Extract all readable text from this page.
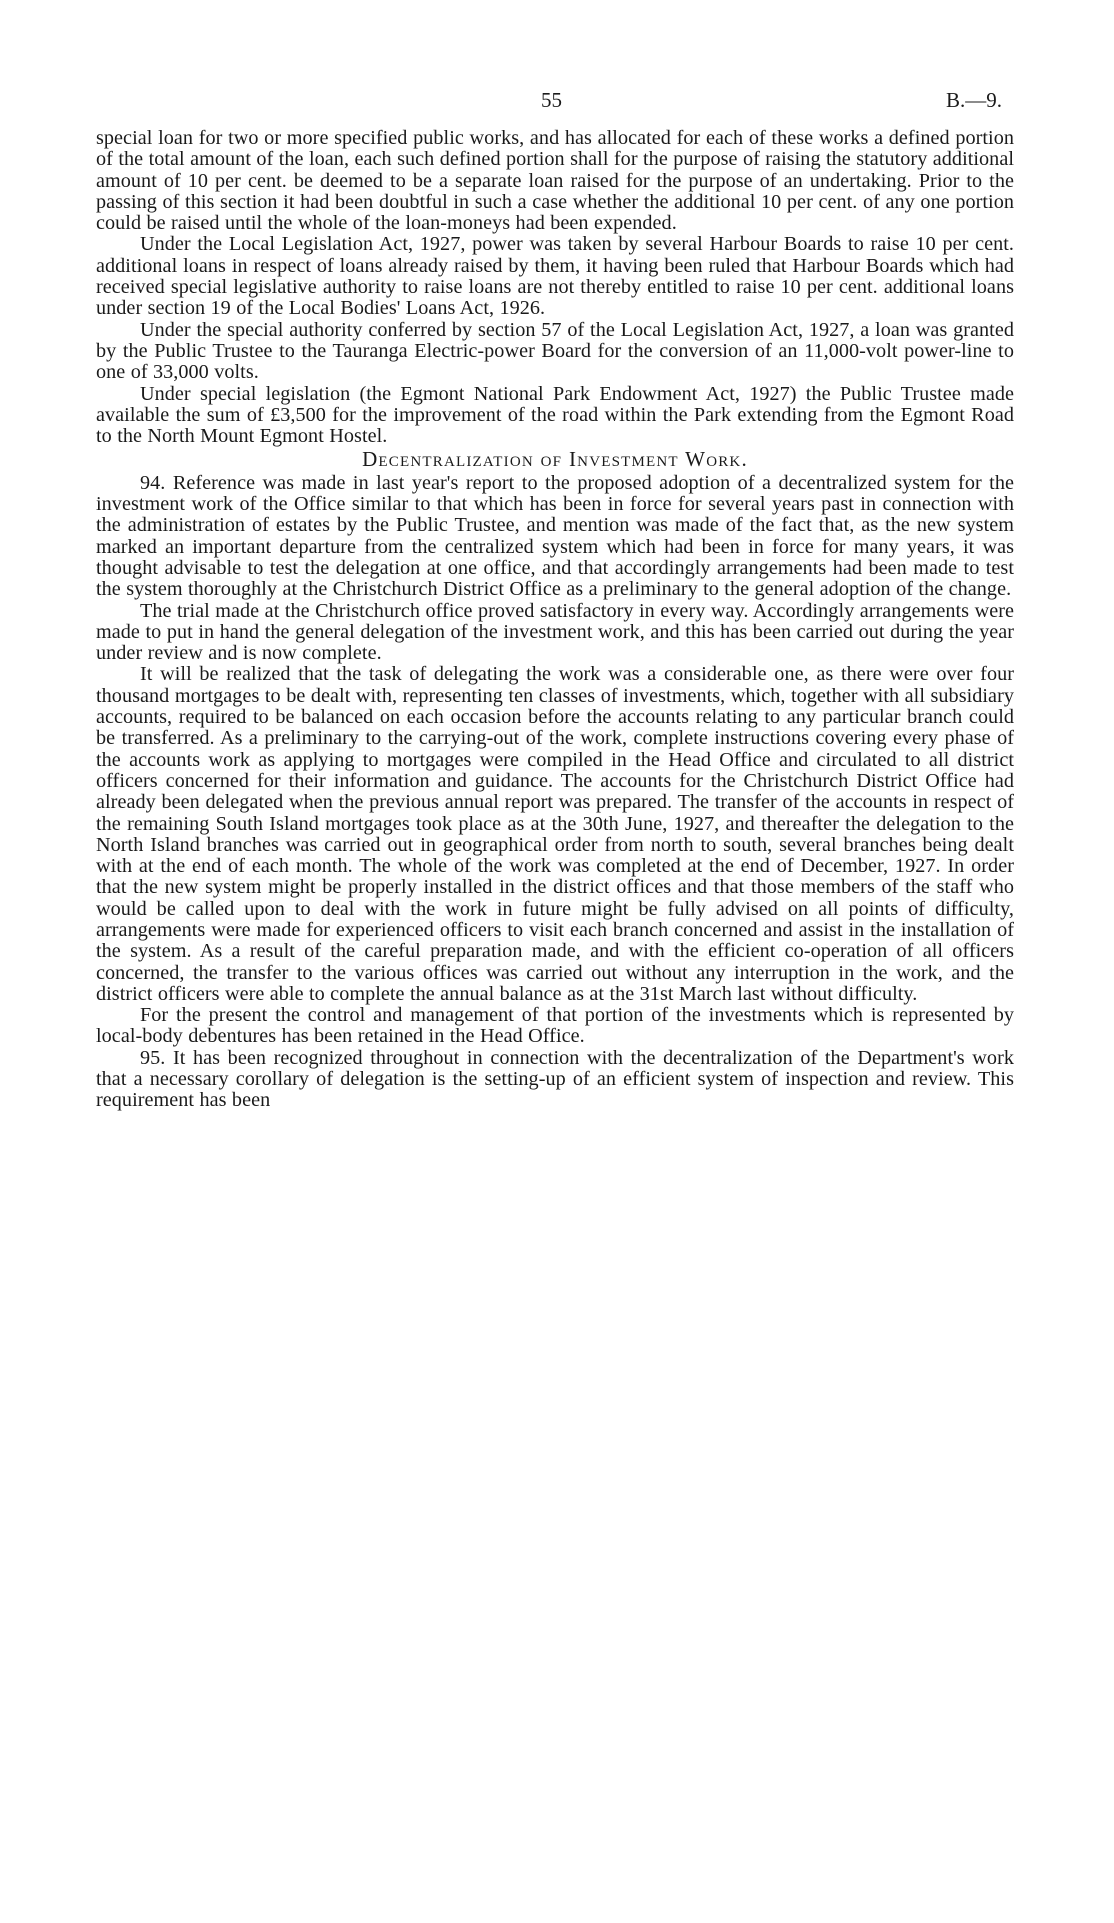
55	B.—9.

special loan for two or more specified public works, and has allocated for each of these works a defined portion of the total amount of the loan, each such defined portion shall for the purpose of raising the statutory additional amount of 10 per cent. be deemed to be a separate loan raised for the purpose of an undertaking. Prior to the passing of this section it had been doubtful in such a case whether the additional 10 per cent. of any one portion could be raised until the whole of the loan-moneys had been expended.

Under the Local Legislation Act, 1927, power was taken by several Harbour Boards to raise 10 per cent. additional loans in respect of loans already raised by them, it having been ruled that Harbour Boards which had received special legislative authority to raise loans are not thereby entitled to raise 10 per cent. additional loans under section 19 of the Local Bodies' Loans Act, 1926.

Under the special authority conferred by section 57 of the Local Legislation Act, 1927, a loan was granted by the Public Trustee to the Tauranga Electric-power Board for the conversion of an 11,000-volt power-line to one of 33,000 volts.

Under special legislation (the Egmont National Park Endowment Act, 1927) the Public Trustee made available the sum of £3,500 for the improvement of the road within the Park extending from the Egmont Road to the North Mount Egmont Hostel.

Decentralization of Investment Work.

94. Reference was made in last year's report to the proposed adoption of a decentralized system for the investment work of the Office similar to that which has been in force for several years past in connection with the administration of estates by the Public Trustee, and mention was made of the fact that, as the new system marked an important departure from the centralized system which had been in force for many years, it was thought advisable to test the delegation at one office, and that accordingly arrangements had been made to test the system thoroughly at the Christchurch District Office as a preliminary to the general adoption of the change.

The trial made at the Christchurch office proved satisfactory in every way. Accordingly arrangements were made to put in hand the general delegation of the investment work, and this has been carried out during the year under review and is now complete.

It will be realized that the task of delegating the work was a considerable one, as there were over four thousand mortgages to be dealt with, representing ten classes of investments, which, together with all subsidiary accounts, required to be balanced on each occasion before the accounts relating to any particular branch could be transferred. As a preliminary to the carrying-out of the work, complete instructions covering every phase of the accounts work as applying to mortgages were compiled in the Head Office and circulated to all district officers concerned for their information and guidance. The accounts for the Christchurch District Office had already been delegated when the previous annual report was prepared. The transfer of the accounts in respect of the remaining South Island mortgages took place as at the 30th June, 1927, and thereafter the delegation to the North Island branches was carried out in geographical order from north to south, several branches being dealt with at the end of each month. The whole of the work was completed at the end of December, 1927. In order that the new system might be properly installed in the district offices and that those members of the staff who would be called upon to deal with the work in future might be fully advised on all points of difficulty, arrangements were made for experienced officers to visit each branch concerned and assist in the installation of the system. As a result of the careful preparation made, and with the efficient co-operation of all officers concerned, the transfer to the various offices was carried out without any interruption in the work, and the district officers were able to complete the annual balance as at the 31st March last without difficulty.

For the present the control and management of that portion of the investments which is represented by local-body debentures has been retained in the Head Office.

95. It has been recognized throughout in connection with the decentralization of the Department's work that a necessary corollary of delegation is the setting-up of an efficient system of inspection and review. This requirement has been
